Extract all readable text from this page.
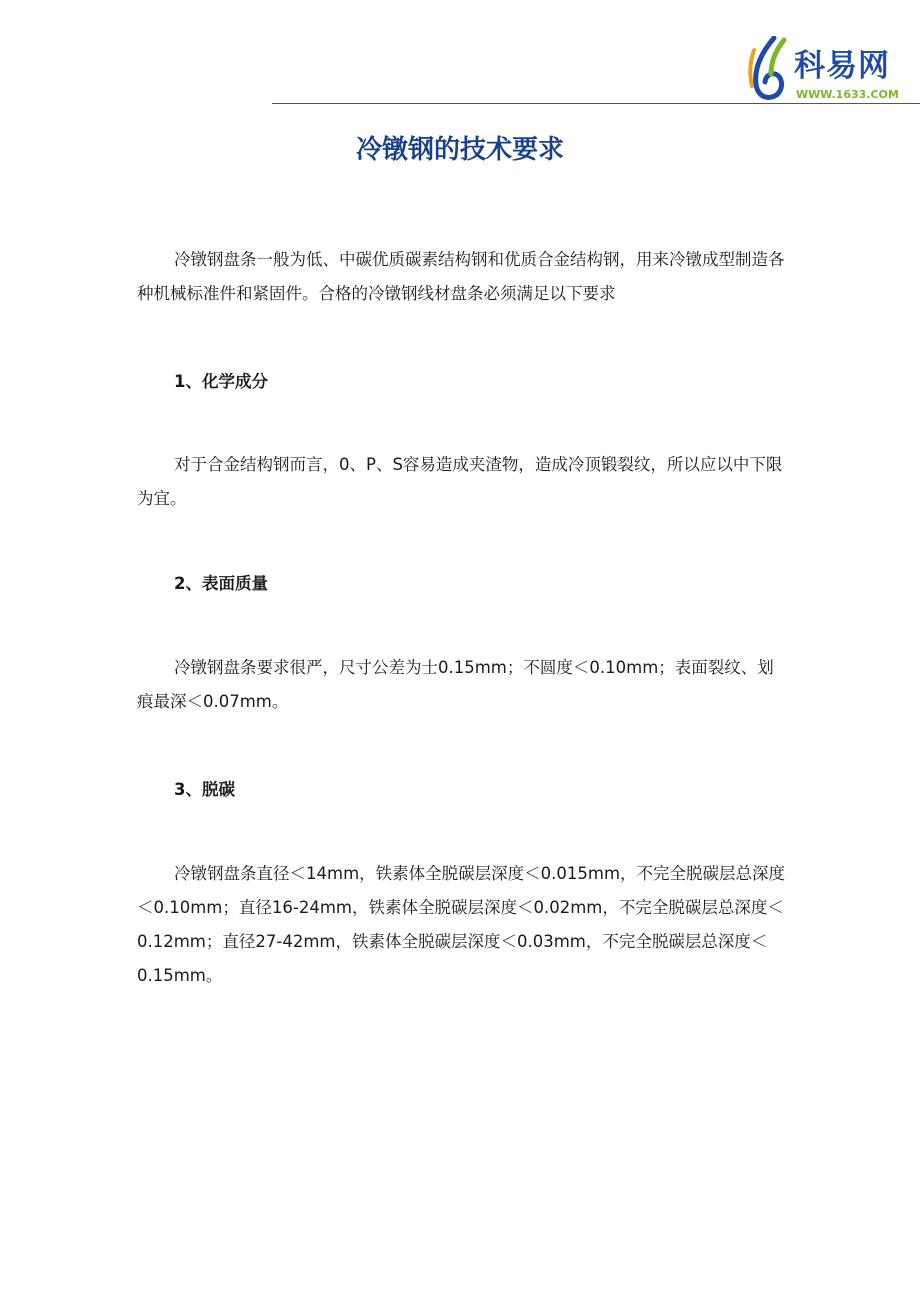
科易网
WWW.1633.COM
冷镦钢的技术要求

冷镦钢盘条一般为低、中碳优质碳素结构钢和优质合金结构钢，用来冷镦成型制造各种机械标准件和紧固件。合格的冷镦钢线材盘条必须满足以下要求

1、化学成分

对于合金结构钢而言，0、P、S容易造成夹渣物，造成冷顶锻裂纹，所以应以中下限为宜。

2、表面质量

冷镦钢盘条要求很严，尺寸公差为士0.15mm；不圆度＜0.10mm；表面裂纹、划痕最深＜0.07mm。

3、脱碳

冷镦钢盘条直径＜14mm，铁素体全脱碳层深度＜0.015mm，不完全脱碳层总深度＜0.10mm；直径16-24mm，铁素体全脱碳层深度＜0.02mm，不完全脱碳层总深度＜0.12mm；直径27-42mm，铁素体全脱碳层深度＜0.03mm，不完全脱碳层总深度＜ 0.15mm。
